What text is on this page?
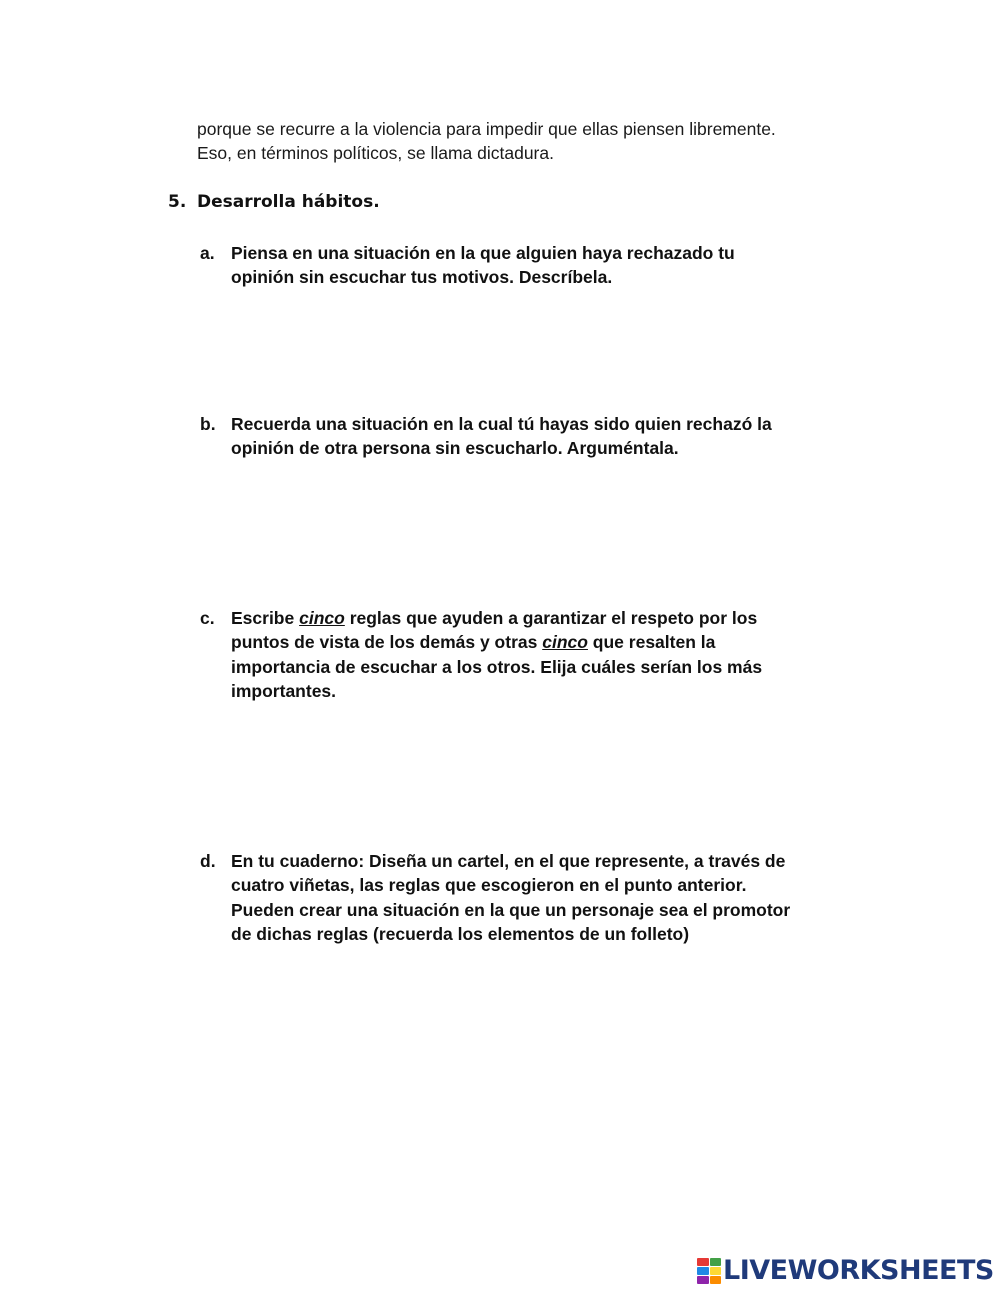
porque se recurre a la violencia para impedir que ellas piensen libremente.

Eso, en términos políticos, se llama dictadura.

5. Desarrolla hábitos.
a. Piensa en una situación en la que alguien haya rechazado tu
opinión sin escuchar tus motivos. Descríbela.
b. Recuerda una situación en la cual tú hayas sido quien rechazó la
opinión de otra persona sin escucharlo. Arguméntala.
c. Escribe cinco reglas que ayuden a garantizar el respeto por los
puntos de vista de los demás y otras cinco que resalten la
importancia de escuchar a los otros. Elija cuáles serían los más
importantes.
d. En tu cuaderno: Diseña un cartel, en el que represente, a través de
cuatro viñetas, las reglas que escogieron en el punto anterior.
Pueden crear una situación en la que un personaje sea el promotor
de dichas reglas (recuerda los elementos de un folleto)
LIVEWORKSHEETS
